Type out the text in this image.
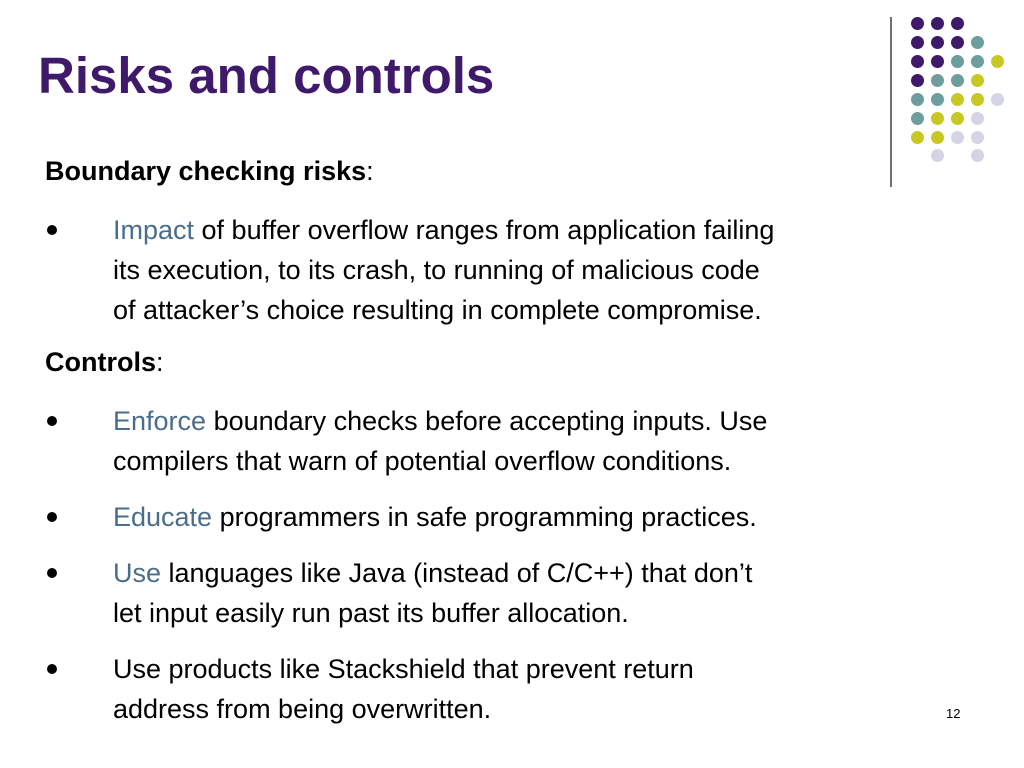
Risks and controls

Boundary checking risks:

Impact of buffer overflow ranges from application failing
its execution, to its crash, to running of malicious code
of attacker’s choice resulting in complete compromise.

Controls:

Enforce boundary checks before accepting inputs. Use
compilers that warn of potential overflow conditions.
Educate programmers in safe programming practices.
Use languages like Java (instead of C/C++) that don’t
let input easily run past its buffer allocation.
Use products like Stackshield that prevent return
address from being overwritten.	12
